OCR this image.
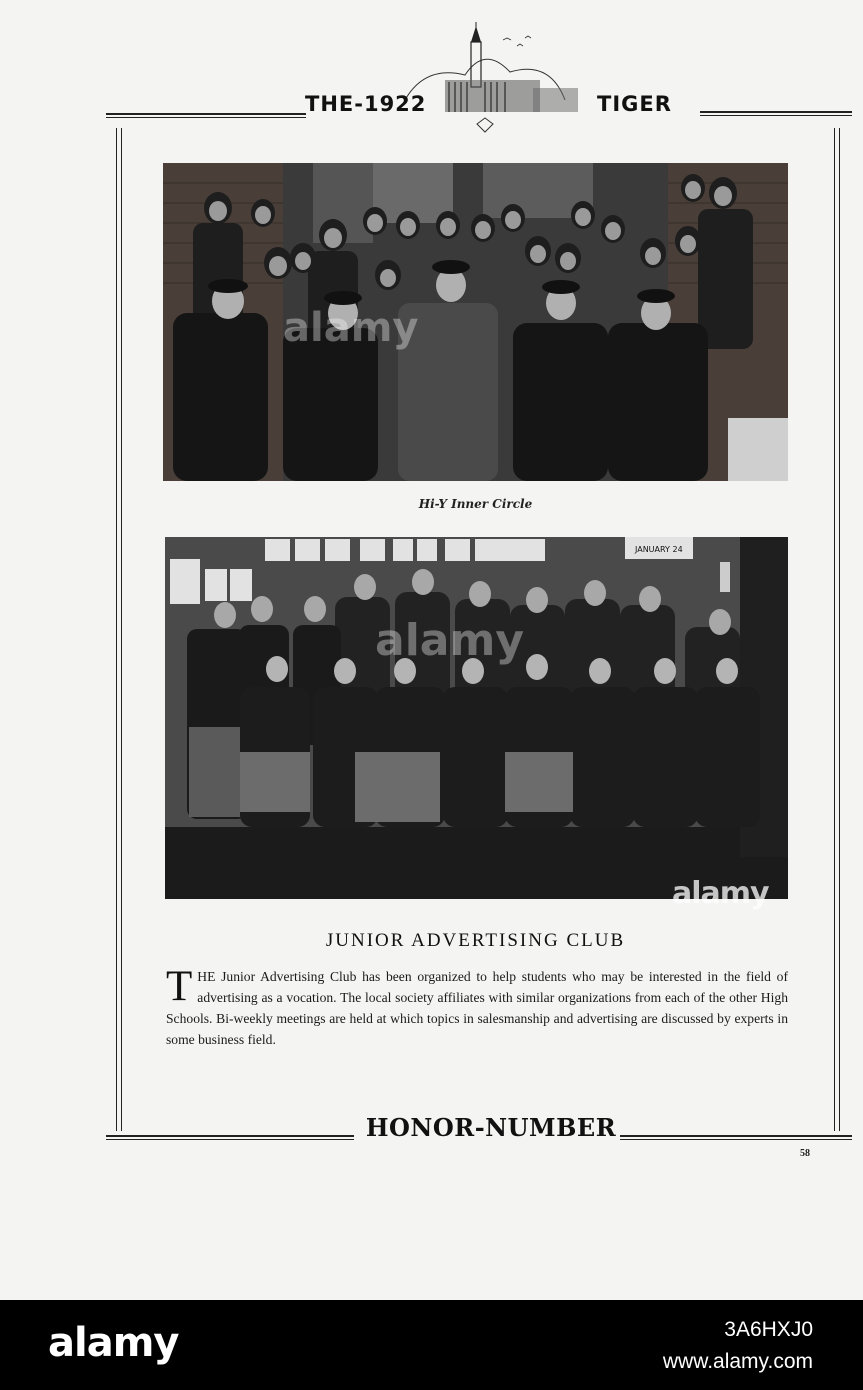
THE-1922	TIGER
alamy
Hi-Y Inner Circle
JANUARY 24
alamy
JUNIOR ADVERTISING CLUB
THE Junior Advertising Club has been organized to help students who may be interested in the field of advertising as a vocation. The local society affiliates with similar organizations from each of the other High Schools. Bi-weekly meetings are held at which topics in salesmanship and advertising are discussed by experts in some business field.
alamy
HONOR-NUMBER
58
alamy	3A6HXJ0
www.alamy.com
